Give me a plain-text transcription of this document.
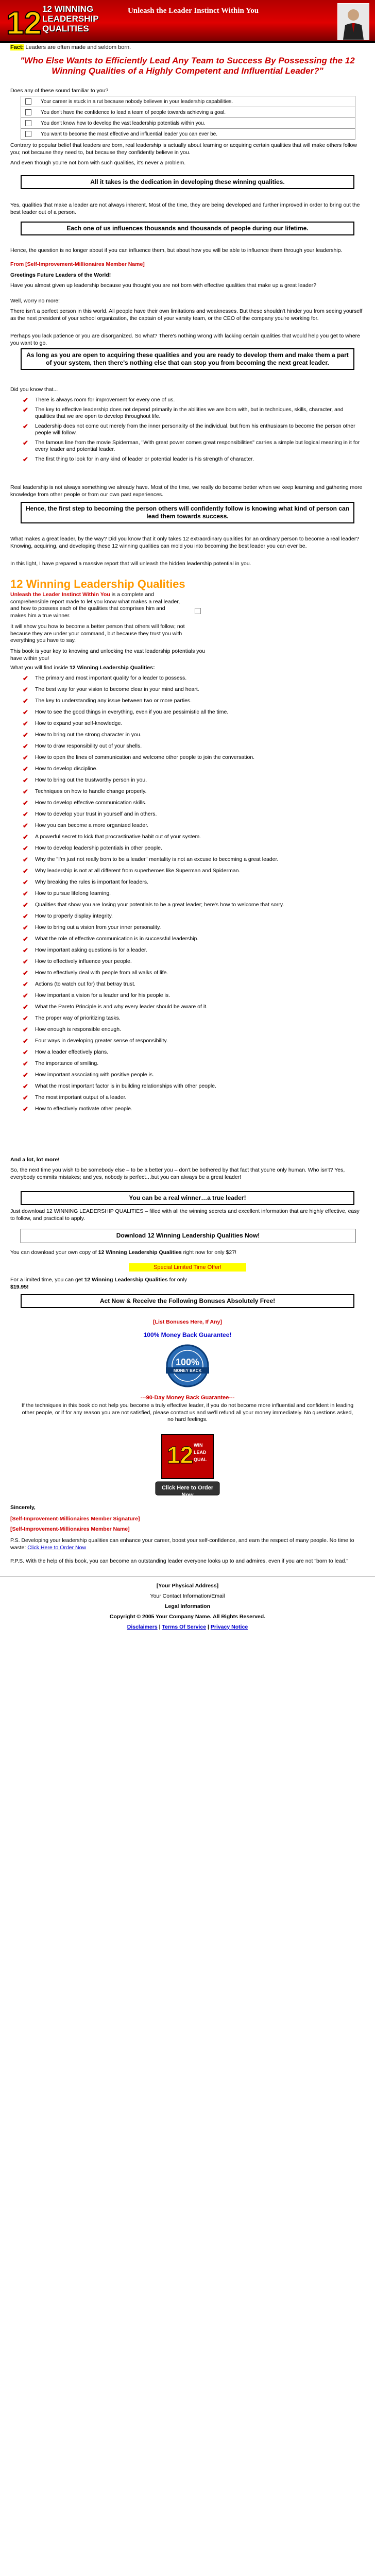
12 12 WINNING
LEADERSHIP
QUALITIES
Unleash the Leader Instinct Within You
Fact: Leaders are often made and seldom born.
"Who Else Wants to Efficiently Lead Any Team to Success By Possessing the 12 Winning Qualities of a Highly Competent and Influential Leader?"
Does any of these sound familiar to you?
Your career is stuck in a rut because nobody believes in your leadership capabilities.
You don't have the confidence to lead a team of people towards achieving a goal.
You don't know how to develop the vast leadership potentials within you.
You want to become the most effective and influential leader you can ever be.
Contrary to popular belief that leaders are born, real leadership is actually about learning or acquiring certain qualities that will make others follow you; not because they need to, but because they confidently believe in you.
And even though you're not born with such qualities, it's never a problem.
All it takes is the dedication in developing these winning qualities.
Yes, qualities that make a leader are not always inherent. Most of the time, they are being developed and further improved in order to bring out the best leader out of a person.
Each one of us influences thousands and thousands of people during our lifetime.
Hence, the question is no longer about if you can influence them, but about how you will be able to influence them through your leadership.
From [Self-Improvement-Millionaires Member Name]
Greetings Future Leaders of the World!
Have you almost given up leadership because you thought you are not born with effective qualities that make up a great leader?
Well, worry no more!
There isn't a perfect person in this world. All people have their own limitations and weaknesses. But these shouldn't hinder you from seeing yourself as the next president of your school organization, the captain of your varsity team, or the CEO of the company you're working for.
Perhaps you lack patience or you are disorganized. So what? There's nothing wrong with lacking certain qualities that would help you get to where you want to go.
As long as you are open to acquiring these qualities and you are ready to develop them and make them a part of your system, then there's nothing else that can stop you from becoming the next great leader.
Did you know that...
✔ There is always room for improvement for every one of us.
✔ The key to effective leadership does not depend primarily in the abilities we are born with, but in techniques, skills, character, and qualities that we are open to develop throughout life.
✔ Leadership does not come out merely from the inner personality of the individual, but from his enthusiasm to become the person other people will follow.
✔ The famous line from the movie Spiderman, "With great power comes great responsibilities" carries a simple but logical meaning in it for every leader and potential leader.
✔ The first thing to look for in any kind of leader or potential leader is his strength of character.
Real leadership is not always something we already have. Most of the time, we really do become better when we keep learning and gathering more knowledge from other people or from our own past experiences.
Hence, the first step to becoming the person others will confidently follow is knowing what kind of person can lead them towards success.
What makes a great leader, by the way? Did you know that it only takes 12 extraordinary qualities for an ordinary person to become a real leader? Knowing, acquiring, and developing these 12 winning qualities can mold you into becoming the best leader you can ever be.
In this light, I have prepared a massive report that will unleash the hidden leadership potential in you.
12 Winning Leadership Qualities
Unleash the Leader Instinct Within You is a complete and comprehensible report made to let you know what makes a real leader, and how to possess each of the qualities that comprises him and makes him a true winner.
It will show you how to become a better person that others will follow; not because they are under your command, but because they trust you with everything you have to say.
This book is your key to knowing and unlocking the vast leadership potentials you have within you!
What you will find inside 12 Winning Leadership Qualities:
✔ The primary and most important quality for a leader to possess.
✔ The best way for your vision to become clear in your mind and heart.
✔ The key to understanding any issue between two or more parties.
✔ How to see the good things in everything, even if you are pessimistic all the time.
✔ How to expand your self-knowledge.
✔ How to bring out the strong character in you.
✔ How to draw responsibility out of your shells.
✔ How to open the lines of communication and welcome other people to join the conversation.
✔ How to develop discipline.
✔ How to bring out the trustworthy person in you.
✔ Techniques on how to handle change properly.
✔ How to develop effective communication skills.
✔ How to develop your trust in yourself and in others.
✔ How you can become a more organized leader.
✔ A powerful secret to kick that procrastinative habit out of your system.
✔ How to develop leadership potentials in other people.
✔ Why the "I'm just not really born to be a leader" mentality is not an excuse to becoming a great leader.
✔ Why leadership is not at all different from superheroes like Superman and Spiderman.
✔ Why breaking the rules is important for leaders.
✔ How to pursue lifelong learning.
✔ Qualities that show you are losing your potentials to be a great leader; here's how to welcome that sorry.
✔ How to properly display integrity.
✔ How to bring out a vision from your inner personality.
✔ What the role of effective communication is in successful leadership.
✔ How important asking questions is for a leader.
✔ How to effectively influence your people.
✔ How to effectively deal with people from all walks of life.
✔ Actions (to watch out for) that betray trust.
✔ How important a vision for a leader and for his people is.
✔ What the Pareto Principle is and why every leader should be aware of it.
✔ The proper way of prioritizing tasks.
✔ How enough is responsible enough.
✔ Four ways in developing greater sense of responsibility.
✔ How a leader effectively plans.
✔ The importance of smiling.
✔ How important associating with positive people is.
✔ What the most important factor is in building relationships with other people.
✔ The most important output of a leader.
✔ How to effectively motivate other people.
And a lot, lot more!
So, the next time you wish to be somebody else – to be a better you – don't be bothered by that fact that you're only human. Who isn't? Yes, everybody commits mistakes; and yes, nobody is perfect…but you can always be a great leader!
You can be a real winner…a true leader!
Just download 12 WINNING LEADERSHIP QUALITIES – filled with all the winning secrets and excellent information that are highly effective, easy to follow, and practical to apply.
Download 12 Winning Leadership Qualities Now!
You can download your own copy of 12 Winning Leadership Qualities right now for only $27!
Special Limited Time Offer!
For a limited time, you can get 12 Winning Leadership Qualities for only
$19.95!
Act Now & Receive the Following Bonuses Absolutely Free!
[List Bonuses Here, If Any]
100% Money Back Guarantee!
100%
MONEY BACK
---90-Day Money Back Guarantee---
If the techniques in this book do not help you become a truly effective leader, if you do not become more influential and confident in leading other people, or if for any reason you are not satisfied, please contact us and we'll refund all your money immediately. No questions asked, no hard feelings.
12 WIN
LEAD
QUAL
Click Here to Order Now
Sincerely,
[Self-Improvement-Millionaires Member Signature]
[Self-Improvement-Millionaires Member Name]
P.S. Developing your leadership qualities can enhance your career, boost your self-confidence, and earn the respect of many people. No time to waste: Click Here to Order Now
P.P.S. With the help of this book, you can become an outstanding leader everyone looks up to and admires, even if you are not "born to lead."
[Your Physical Address]
Your Contact Information/Email
Legal Information
Copyright © 2005 Your Company Name. All Rights Reserved.
Disclaimers | Terms Of Service | Privacy Notice
